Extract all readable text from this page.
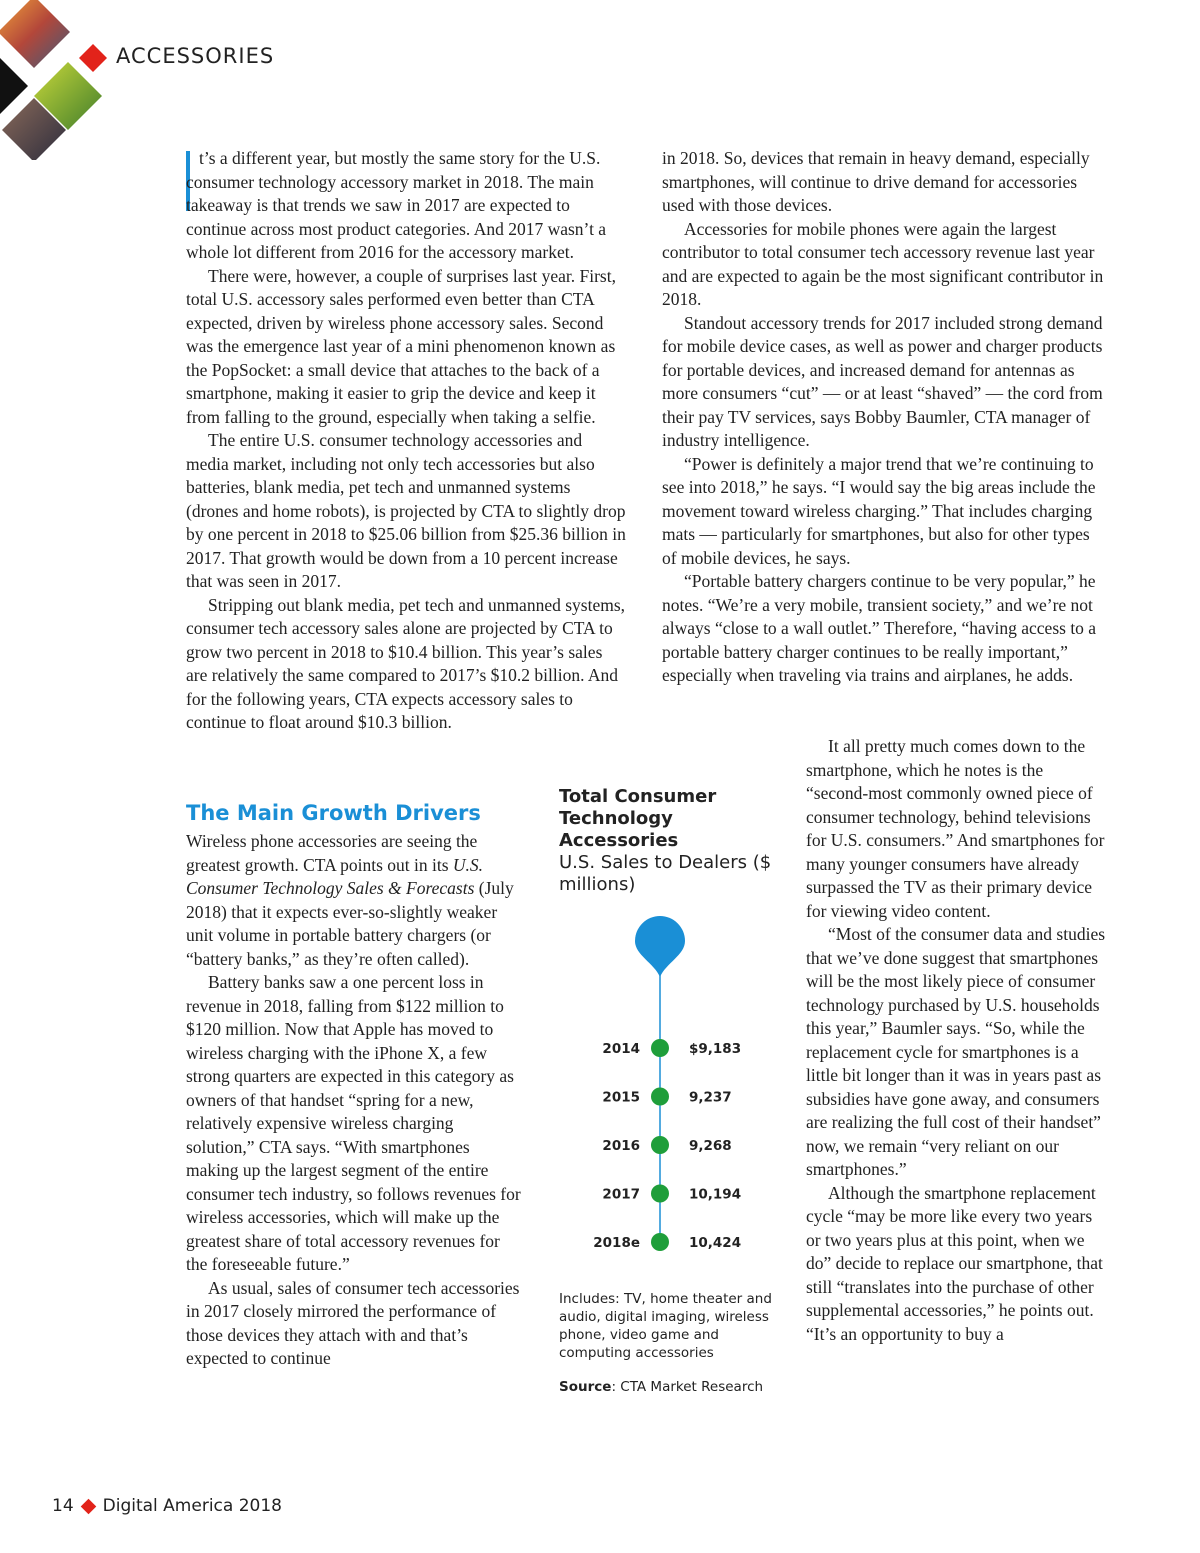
ACCESSORIES

t’s a different year, but mostly the same story for the U.S. consumer technology accessory market in 2018. The main takeaway is that trends we saw in 2017 are expected to continue across most product categories. And 2017 wasn’t a whole lot different from 2016 for the accessory market.

There were, however, a couple of surprises last year. First, total U.S. accessory sales performed even better than CTA expected, driven by wireless phone accessory sales. Second was the emergence last year of a mini phenomenon known as the PopSocket: a small device that attaches to the back of a smartphone, making it easier to grip the device and keep it from falling to the ground, especially when taking a selfie.

The entire U.S. consumer technology accessories and media market, including not only tech accessories but also batteries, blank media, pet tech and unmanned systems (drones and home robots), is projected by CTA to slightly drop by one percent in 2018 to $25.06 billion from $25.36 billion in 2017. That growth would be down from a 10 percent increase that was seen in 2017.

Stripping out blank media, pet tech and unmanned systems, consumer tech accessory sales alone are projected by CTA to grow two percent in 2018 to $10.4 billion. This year’s sales are relatively the same compared to 2017’s $10.2 billion. And for the following years, CTA expects accessory sales to continue to float around $10.3 billion.

The Main Growth Drivers

Wireless phone accessories are seeing the greatest growth. CTA points out in its U.S. Consumer Technology Sales & Forecasts (July 2018) that it expects ever-so-slightly weaker unit volume in portable battery chargers (or “battery banks,” as they’re often called).

Battery banks saw a one percent loss in revenue in 2018, falling from $122 million to $120 million. Now that Apple has moved to wireless charging with the iPhone X, a few strong quarters are expected in this category as owners of that handset “spring for a new, relatively expensive wireless charging solution,” CTA says. “With smartphones making up the largest segment of the entire consumer tech industry, so follows revenues for wireless accessories, which will make up the greatest share of total accessory revenues for the foreseeable future.”

As usual, sales of consumer tech accessories in 2017 closely mirrored the performance of those devices they attach with and that’s expected to continue

in 2018. So, devices that remain in heavy demand, especially smartphones, will continue to drive demand for accessories used with those devices.

Accessories for mobile phones were again the largest contributor to total consumer tech accessory revenue last year and are expected to again be the most significant contributor in 2018.

Standout accessory trends for 2017 included strong demand for mobile device cases, as well as power and charger products for portable devices, and increased demand for antennas as more consumers “cut” — or at least “shaved” — the cord from their pay TV services, says Bobby Baumler, CTA manager of industry intelligence.

“Power is definitely a major trend that we’re continuing to see into 2018,” he says. “I would say the big areas include the movement toward wireless charging.” That includes charging mats — particularly for smartphones, but also for other types of mobile devices, he says.

“Portable battery chargers continue to be very popular,” he notes. “We’re a very mobile, transient society,” and we’re not always “close to a wall outlet.” Therefore, “having access to a portable battery charger continues to be really important,” especially when traveling via trains and airplanes, he adds.

It all pretty much comes down to the smartphone, which he notes is the “second-most commonly owned piece of consumer technology, behind televisions for U.S. consumers.” And smartphones for many younger consumers have already surpassed the TV as their primary device for viewing video content.

“Most of the consumer data and studies that we’ve done suggest that smartphones will be the most likely piece of consumer technology purchased by U.S. households this year,” Baumler says. “So, while the replacement cycle for smartphones is a little bit longer than it was in years past as subsidies have gone away, and consumers are realizing the full cost of their handset” now, we remain “very reliant on our smartphones.”

Although the smartphone replacement cycle “may be more like every two years or two years plus at this point, when we do” decide to replace our smartphone, that still “translates into the purchase of other supplemental accessories,” he points out. “It’s an opportunity to buy a

Total Consumer Technology Accessories
U.S. Sales to Dealers ($ millions)
2014	$9,183
2015	9,237
2016	9,268
2017	10,194
2018e	10,424
Includes: TV, home theater and audio, digital imaging, wireless phone, video game and computing accessories
Source: CTA Market Research
14 Digital America 2018
